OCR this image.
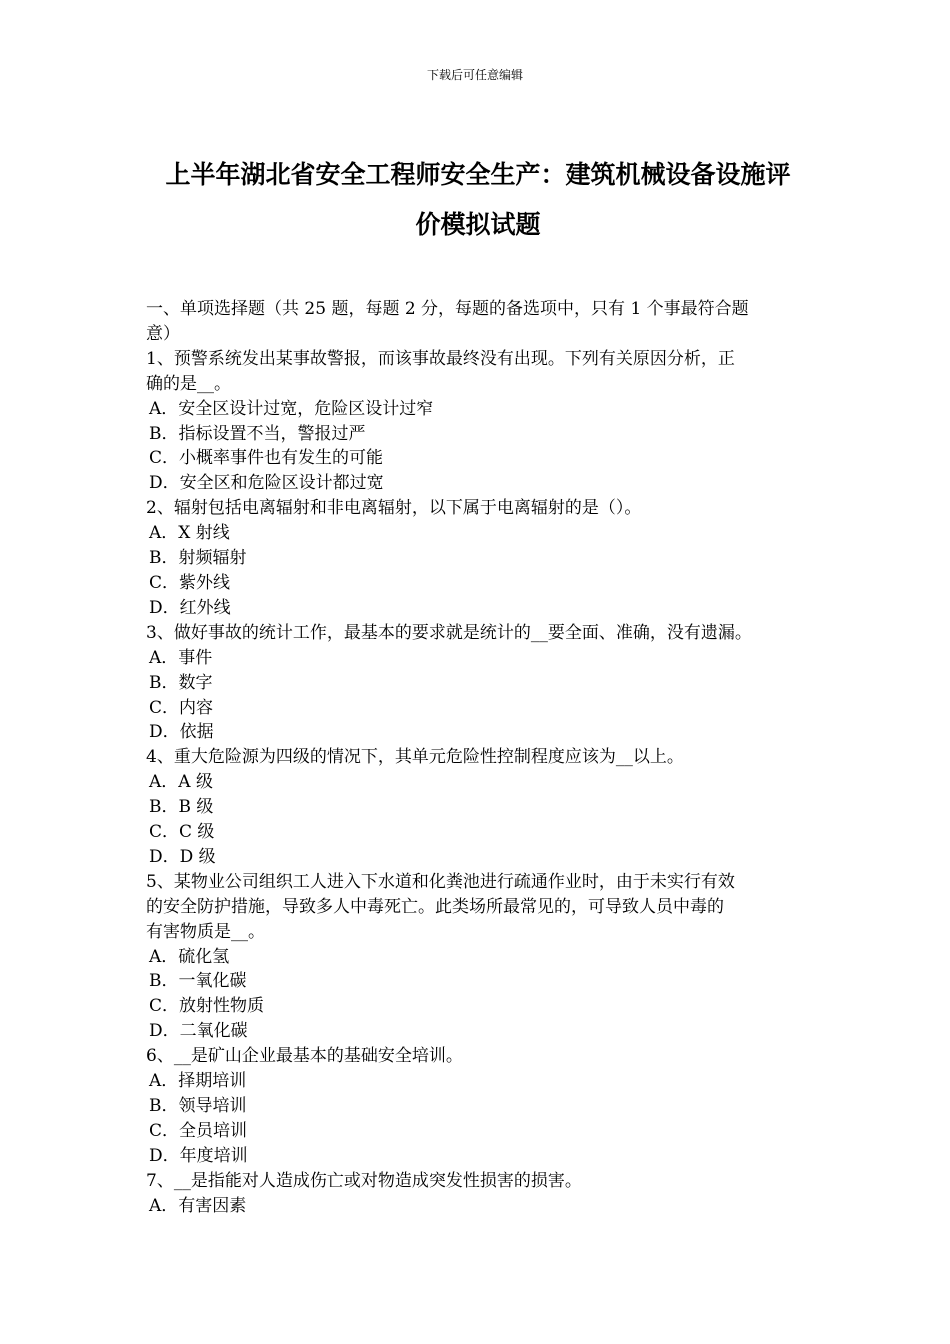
下载后可任意编辑
上半年湖北省安全工程师安全生产：建筑机械设备设施评
价模拟试题
一、单项选择题（共 25 题，每题 2 分，每题的备选项中，只有 1 个事最符合题
意）
1、预警系统发出某事故警报，而该事故最终没有出现。下列有关原因分析，正
确的是__。
A．安全区设计过宽，危险区设计过窄
B．指标设置不当，警报过严
C．小概率事件也有发生的可能
D．安全区和危险区设计都过宽
2、辐射包括电离辐射和非电离辐射，以下属于电离辐射的是（）。
A．X 射线
B．射频辐射
C．紫外线
D．红外线
3、做好事故的统计工作，最基本的要求就是统计的__要全面、准确，没有遗漏。
A．事件
B．数字
C．内容
D．依据
4、重大危险源为四级的情况下，其单元危险性控制程度应该为__以上。
A．A 级
B．B 级
C．C 级
D．D 级
5、某物业公司组织工人进入下水道和化粪池进行疏通作业时，由于未实行有效
的安全防护措施，导致多人中毒死亡。此类场所最常见的，可导致人员中毒的
有害物质是__。
A．硫化氢
B．一氧化碳
C．放射性物质
D．二氧化碳
6、__是矿山企业最基本的基础安全培训。
A．择期培训
B．领导培训
C．全员培训
D．年度培训
7、__是指能对人造成伤亡或对物造成突发性损害的损害。
A．有害因素
